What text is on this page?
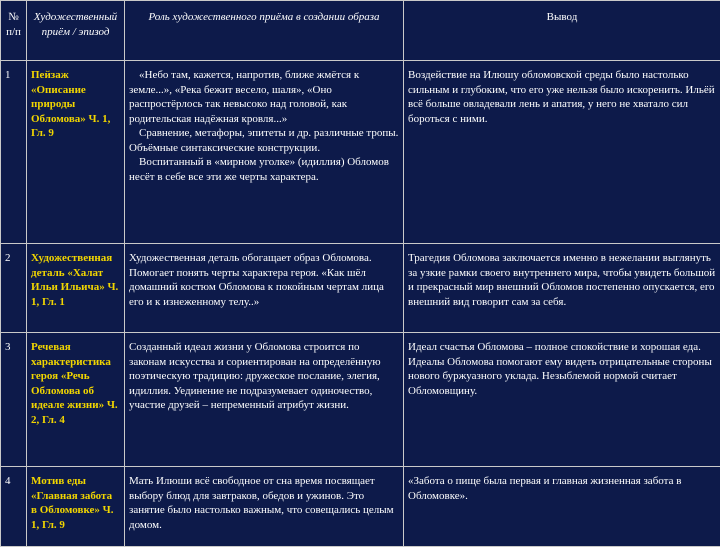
№ п/п	Художественный приём / эпизод	Роль художественного приёма в создании образа	Вывод
1	Пейзаж «Описание природы Обломова» Ч. 1, Гл. 9	«Небо там, кажется, напротив, ближе жмётся к земле...», «Река бежит весело, шаля», «Оно распростёрлось так невысоко над головой, как родительская надёжная кровля...»
Сравнение, метафоры, эпитеты и др. различные тропы. Объёмные синтаксические конструкции.
Воспитанный в «мирном уголке» (идиллия) Обломов несёт в себе все эти же черты характера.	Воздействие на Илюшу обломовской среды было настолько сильным и глубоким, что его уже нельзя было искоренить. Ильёй всё больше овладевали лень и апатия, у него не хватало сил бороться с ними.
2	Художественная деталь «Халат Ильи Ильича» Ч. 1, Гл. 1	Художественная деталь обогащает образ Обломова. Помогает понять черты характера героя. «Как шёл домашний костюм Обломова к покойным чертам лица его и к изнеженному телу..»	Трагедия Обломова заключается именно в нежелании выглянуть за узкие рамки своего внутреннего мира, чтобы увидеть большой и прекрасный мир внешний Обломов постепенно опускается, его внешний вид говорит сам за себя.
3	Речевая характеристика героя «Речь Обломова об идеале жизни» Ч. 2, Гл. 4	Созданный идеал жизни у Обломова строится по законам искусства и сориентирован на определённую поэтическую традицию: дружеское послание, элегия, идиллия. Уединение не подразумевает одиночество, участие друзей – непременный атрибут жизни.	Идеал счастья Обломова – полное спокойствие и хорошая еда. Идеалы Обломова помогают ему видеть отрицательные стороны нового буржуазного уклада. Незыблемой нормой считает Обломовщину.
4	Мотив еды «Главная забота в Обломовке» Ч. 1, Гл. 9	Мать Илюши всё свободное от сна время посвящает выбору блюд для завтраков, обедов и ужинов. Это занятие было настолько важным, что совещались целым домом.	«Забота о пище была первая и главная жизненная забота в Обломовке».
